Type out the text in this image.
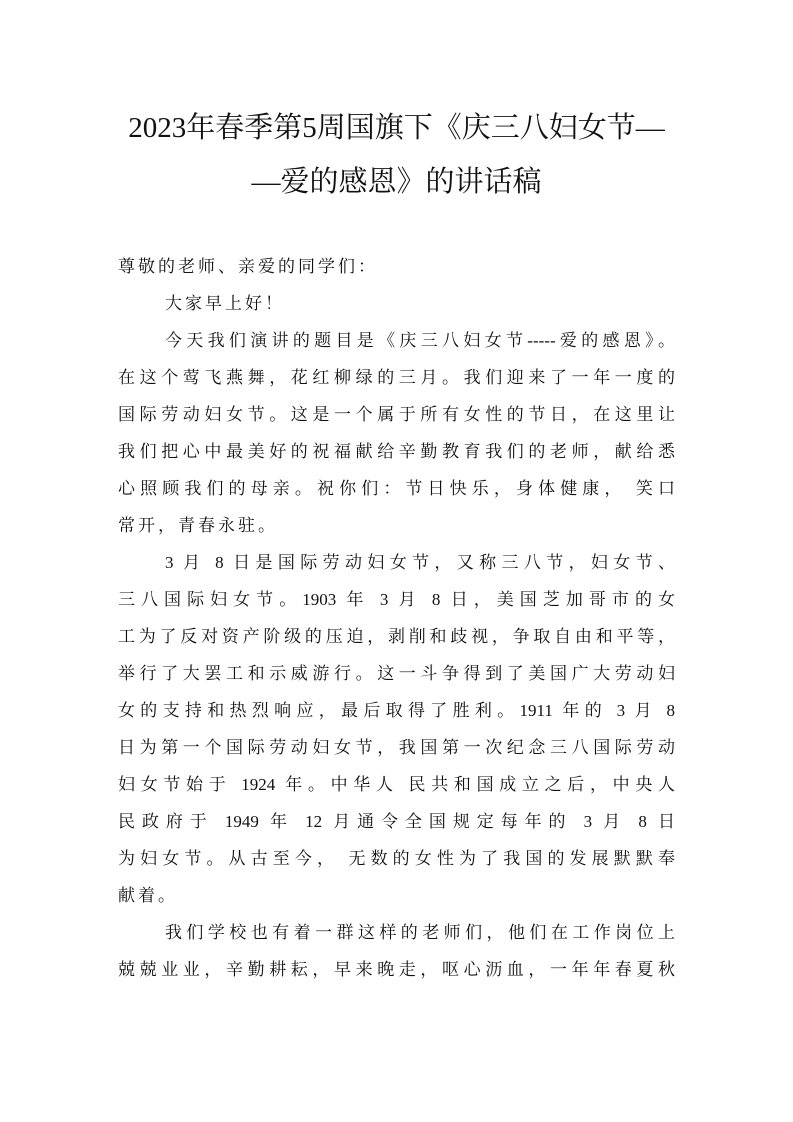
2023年春季第5周国旗下《庆三八妇女节—
—爱的感恩》的讲话稿
尊敬的老师、亲爱的同学们：
大家早上好！
今天我们演讲的题目是《庆三八妇女节-----爱的感恩》。
在这个莺飞燕舞，花红柳绿的三月。我们迎来了一年一度的
国际劳动妇女节。这是一个属于所有女性的节日，在这里让
我们把心中最美好的祝福献给辛勤教育我们的老师，献给悉
心照顾我们的母亲。祝你们：节日快乐，身体健康， 笑口
常开，青春永驻。
3 月 8 日是国际劳动妇女节，又称三八节，妇女节、
三八国际妇女节。1903 年 3 月 8 日，美国芝加哥市的女
工为了反对资产阶级的压迫，剥削和歧视，争取自由和平等，
举行了大罢工和示威游行。这一斗争得到了美国广大劳动妇
女的支持和热烈响应，最后取得了胜利。1911 年的 3 月 8
日为第一个国际劳动妇女节，我国第一次纪念三八国际劳动
妇女节始于 1924 年。中华人 民共和国成立之后，中央人
民政府于 1949 年 12 月通令全国规定每年的 3 月 8 日
为妇女节。从古至今， 无数的女性为了我国的发展默默奉
献着。
我们学校也有着一群这样的老师们，他们在工作岗位上
兢兢业业，辛勤耕耘，早来晚走，呕心沥血，一年年春夏秋
